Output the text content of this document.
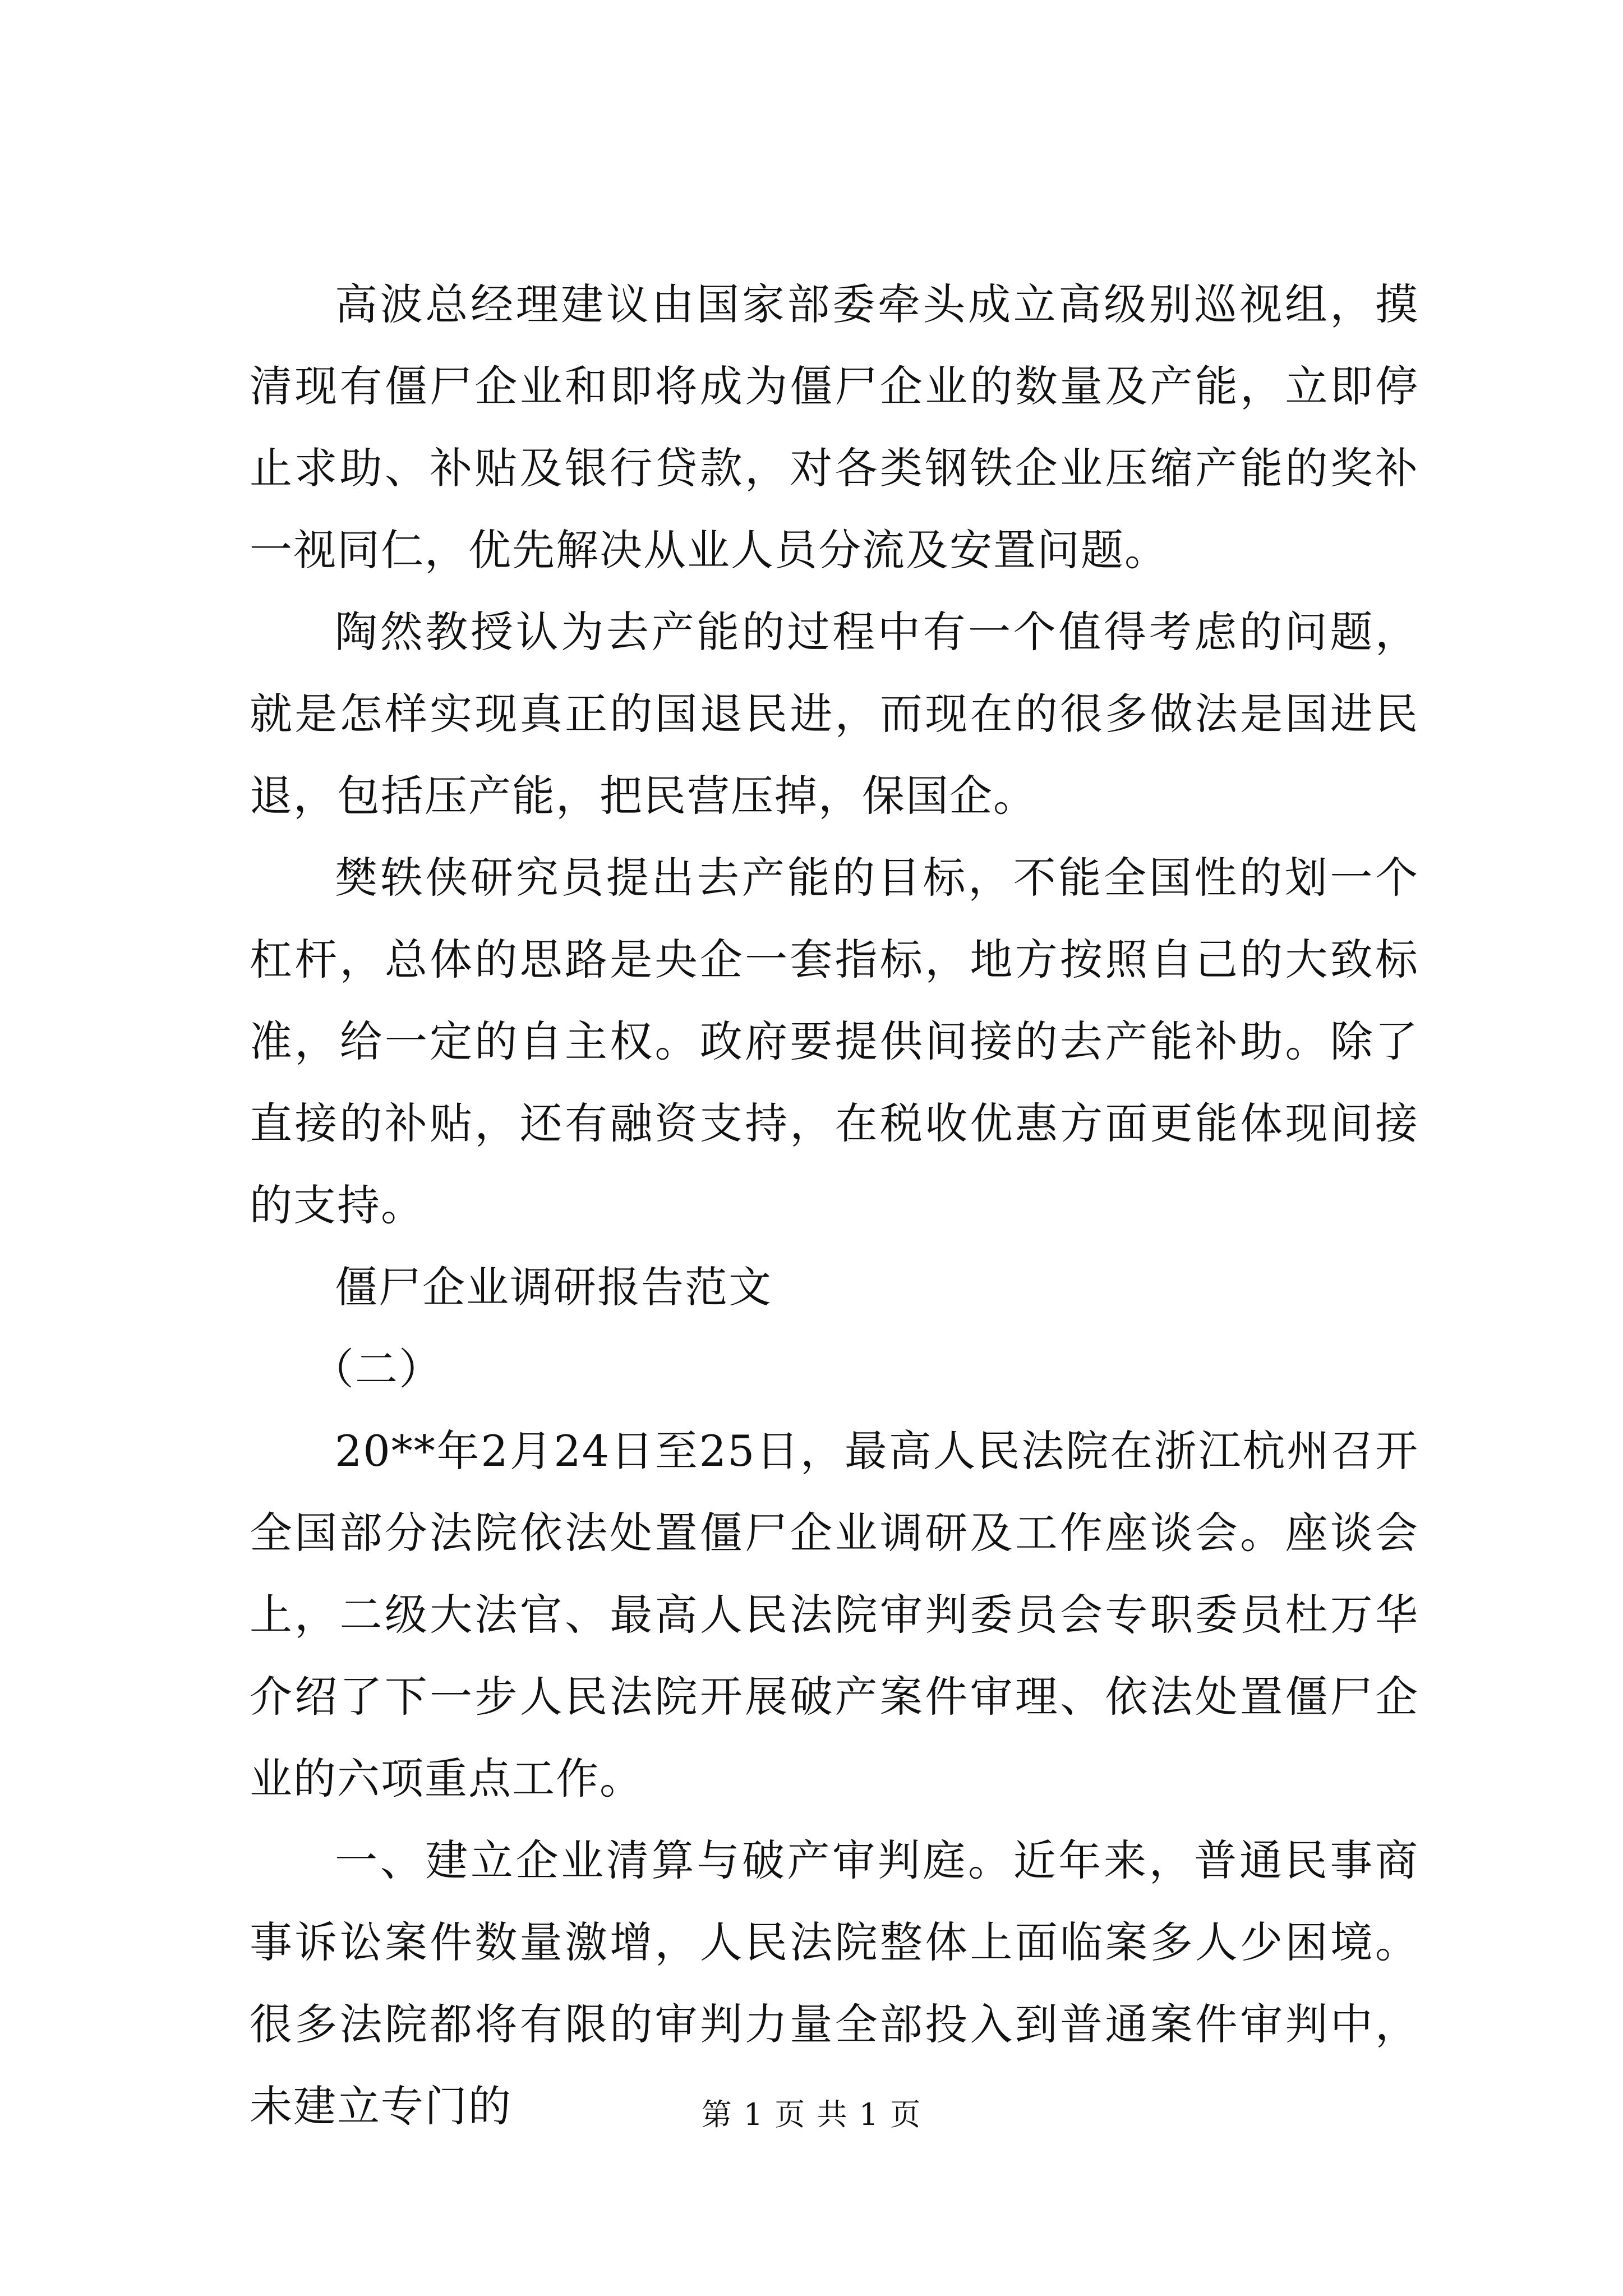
高波总经理建议由国家部委牵头成立高级别巡视组，摸清现有僵尸企业和即将成为僵尸企业的数量及产能，立即停止求助、补贴及银行贷款，对各类钢铁企业压缩产能的奖补一视同仁，优先解决从业人员分流及安置问题。

陶然教授认为去产能的过程中有一个值得考虑的问题，就是怎样实现真正的国退民进，而现在的很多做法是国进民退，包括压产能，把民营压掉，保国企。

樊轶侠研究员提出去产能的目标，不能全国性的划一个杠杆，总体的思路是央企一套指标，地方按照自己的大致标准，给一定的自主权。政府要提供间接的去产能补助。除了直接的补贴，还有融资支持，在税收优惠方面更能体现间接的支持。

僵尸企业调研报告范文

（二）

20**年2月24日至25日，最高人民法院在浙江杭州召开全国部分法院依法处置僵尸企业调研及工作座谈会。座谈会上，二级大法官、最高人民法院审判委员会专职委员杜万华介绍了下一步人民法院开展破产案件审理、依法处置僵尸企业的六项重点工作。

一、建立企业清算与破产审判庭。近年来，普通民事商事诉讼案件数量激增，人民法院整体上面临案多人少困境。很多法院都将有限的审判力量全部投入到普通案件审判中，未建立专门的	第 1 页 共 1 页
